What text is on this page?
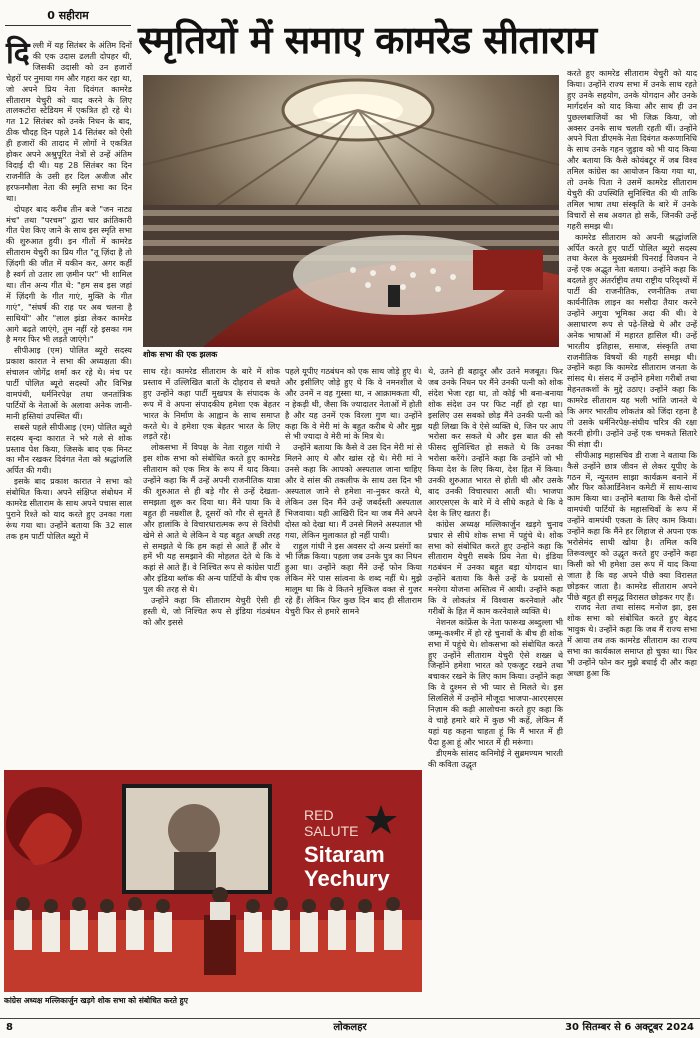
0 सहीराम
स्मृतियों में समाए कामरेड सीताराम

दिल्ली में यह सितंबर के अंतिम दिनों की एक उदास ढलती दोपहर थी, जिसकी उदासी को उन हजारों चेहरों पर नुमाया गम और गहरा कर रहा था, जो अपने प्रिय नेता दिवंगत कामरेड सीताराम येचुरी को याद करने के लिए तालकटोरा स्टेडियम में एकत्रित हो रहे थे। गत 12 सितंबर को उनके निधन के बाद, ठीक चौदह दिन पहले 14 सितंबर को ऐसी ही हजारों की तादाद में लोगों ने एकत्रित होकर अपने अश्रुपूरित नेत्रों से उन्हें अंतिम विदाई दी थी। यह 28 सितंबर का दिन राजनीति के उसी हर दिल अजीज और हरफनमौला नेता की स्मृति सभा का दिन था।

दोपहर बाद करीब तीन बजे "जन नाट्य मंच" तथा "परचम" द्वारा चार क्रांतिकारी गीत पेश किए जाने के साथ इस स्मृति सभा की शुरुआत हुयी। इन गीतों में कामरेड सीताराम येचुरी का प्रिय गीत "तू ज़िंदा है तो ज़िंदगी की जीत में यकीन कर, अगर कहीं है स्वर्ग तो उतार ला ज़मीन पर" भी शामिल था। तीन अन्य गीत थे: "हम सब इस जहां में ज़िंदगी के गीत गाएं, मुक्ति के गीत गाएं", "संघर्ष की राह पर अब चलना है साथियों" और "लाल झंडा लेकर कामरेड आगे बढ़ते जाएंगे, तुम नहीं रहे इसका गम है मगर फिर भी लड़ते जाएंगे।"

सीपीआइ (एम) पोलित ब्यूरो सदस्य प्रकाश कारात ने सभा की अध्यक्षता की। संचालन जोगेंद्र शर्मा कर रहे थे। मंच पर पार्टी पोलित ब्यूरो सदस्यों और विभिन्न वामपंथी, धर्मनिरपेक्ष तथा जनतांत्रिक पार्टियों के नेताओं के अलावा अनेक जानी-मानी हस्तियां उपस्थित थीं।

सबसे पहले सीपीआइ (एम) पोलित ब्यूरो सदस्य बृन्दा कारात ने भरे गले से शोक प्रस्ताव पेश किया, जिसके बाद एक मिनट का मौन रखकर दिवंगत नेता को श्रद्धांजलि अर्पित की गयी।

इसके बाद प्रकाश कारात ने सभा को संबोधित किया। अपने संक्षिप्त संबोधन में कामरेड सीताराम के साथ अपने पचास साल पुराने रिश्ते को याद करते हुए उनका गला रूंध गया था। उन्होंने बताया कि 32 साल तक हम पार्टी पोलित ब्यूरो में

शोक सभा की एक झलक

साथ रहे। कामरेड सीताराम के बारे में शोक प्रस्ताव में उल्लिखित बातों के दोहराव से बचते हुए उन्होंने कहा पार्टी मुखपत्र के संपादक के रूप में वे अपना संपादकीय हमेशा एक बेहतर भारत के निर्माण के आह्वान के साथ समाप्त करते थे। वे हमेशा एक बेहतर भारत के लिए लड़ते रहे।

लोकसभा में विपक्ष के नेता राहुल गांधी ने इस शोक सभा को संबोधित करते हुए कामरेड सीताराम को एक मित्र के रूप में याद किया। उन्होंने कहा कि मैं उन्हें अपनी राजनीतिक यात्रा की शुरुआत से ही बड़े गौर से उन्हें देखता-समझता शुरू कर दिया था। मैंने पाया कि वे बहुत ही नम्रशील है, दूसरों को गौर से सुनते हैं और हालांकि वे विचारधारात्मक रूप से विरोधी खेमे से आते थे लेकिन वे यह बहुत अच्छी तरह से समझते थे कि हम कहां से आते हैं और वे हमें भी यह समझाने की मोहलत देते थे कि वे कहां से आते हैं। वे निश्चित रूप से कांग्रेस पार्टी और इंडिया ब्लॉक की अन्य पार्टियों के बीच एक पुल की तरह से थे।

उन्होंने कहा कि सीताराम येचुरी ऐसी ही हस्ती थे, जो निश्चित रूप से इंडिया गंठबंधन को और इससे

पहले यूपीए गठबंधन को एक साथ जोड़े हुए थे। और इसीलिए जोड़े हुए थे कि वे नमनशील थे और उनमें न वह गुस्सा था, न आक्रामकता थी, न हेकड़ी थी, जैसा कि ज्यादातर नेताओं में होती है और यह उनमें एक विरला गुण था। उन्होंने कहा कि वे मेरी मां के बहुत करीब थे और मुझ से भी ज्यादा वे मेरी मां के मित्र थे।

उन्होंने बताया कि कैसे वे उस दिन मेरी मां से मिलने आए थे और खांस रहे थे। मेरी मां ने उनसे कहा कि आपको अस्पताल जाना चाहिए और वे सांस की तकलीफ के साथ उस दिन भी अस्पताल जाने से हमेशा ना-नुकर करते थे, लेकिन उस दिन मैंने उन्हें जबर्दस्ती अस्पताल भिजवाया। यही आखिरी दिन था जब मैंने अपने दोस्त को देखा था। मैं उनसे मिलने अस्पताल भी गया, लेकिन मुलाकात हो नहीं पायी।

राहुल गांधी ने इस अवसर दो अन्य प्रसंगों का भी जिक्र किया। पहला जब उनके पुत्र का निधन हुआ था। उन्होंने कहा मैंने उन्हें फोन किया लेकिन मेरे पास सांत्वना के शब्द नहीं थे। मुझे मालूम था कि वे कितने मुश्किल वक्त से गुजर रहे हैं। लेकिन फिर कुछ दिन बाद ही सीताराम येचुरी फिर से हमारे सामने

थे, उतने ही बहादुर और उतने मजबूत। फिर जब उनके निधन पर मैंने उनकी पत्नी को शोक संदेश भेजा रहा था, तो कोई भी बना-बनाया शोक संदेश उन पर फिट नहीं हो रहा था। इसलिए उस सबको छोड़ मैंने उनकी पत्नी को यही लिखा कि वे ऐसे व्यक्ति थे, जिन पर आप भरोसा कर सकते थे और इस बात की सौ फीसद सुनिश्चित हो सकते थे कि उनका भरोसा करेंगे। उन्होंने कहा कि उन्होंने जो भी किया देश के लिए किया, देश हित में किया। उनकी शुरुआत भारत से होती थी और उसके बाद उनकी विचारधारा आती थी। भाजपा आरएसएस के बारे में वे सीधे कहते थे कि वे देश के लिए खतरा हैं।

कांग्रेस अध्यक्ष मल्लिकार्जुन खड़गे चुनाव प्रचार से सीधे शोक सभा में पहुंचे थे। शोक सभा को संबोधित करते हुए उन्होंने कहा कि सीताराम येचुरी सबके प्रिय नेता थे। इंडिया गठबंधन में उनका बहुत बड़ा योगदान था। उन्होंने बताया कि कैसे उन्हें के प्रयासों से मनरेगा योजना अस्तित्व में आयी। उन्होंने कहा कि वे लोकतंत्र में विश्वास करनेवाले और गरीबों के हित में काम करनेवाले व्यक्ति थे।

नेशनल कांफ्रेंस के नेता फारूख अब्दुल्ला भी जम्मू-कश्मीर में हो रहे चुनावों के बीच ही शोक सभा में पहुंचे थे। शोकसभा को संबोधित करते हुए उन्होंने सीताराम येचुरी ऐसे शख्स थे जिन्होंने हमेशा भारत को एकजुट रखने तथा बचाकर रखने के लिए काम किया। उन्होंने कहा कि वे दुश्मन से भी प्यार से मिलते थे। इस सिलसिले में उन्होंने मौजूदा भाजपा-आरएसएस निज़ाम की कड़ी आलोचना करते हुए कहा कि वे चाहे हमारे बारे में कुछ भी कहें, लेकिन मैं यहां यह कहना चाहता हूं कि मैं भारत में ही पैदा हुआ हूं और भारत में ही मरूंगा।

डीएमके सांसद कनिमोई ने सुब्रमण्यम भारती की कविता उद्धृत

करते हुए कामरेड सीताराम येचुरी को याद किया। उन्होंने राज्य सभा में उनके साथ रहते हुए उनके सहयोग, उनके योगदान और उनके मार्गदर्शन को याद किया और साथ ही उन पुछल्लबाजियों का भी जिक्र किया, जो अक्सर उनके साथ चलती रहती थीं। उन्होंने अपने पिता डीएमके नेता दिवंगत करूणानिधि के साथ उनके गहन जुड़ाव को भी याद किया और बताया कि कैसे कोयंबटूर में जब विश्व तमिल कांग्रेस का आयोजन किया गया था, तो उनके पिता ने उसमें कामरेड सीताराम येचुरी की उपस्थिति सुनिश्चित की थी ताकि तमिल भाषा तथा संस्कृति के बारे में उनके विचारों से सब अवगत हो सकें, जिनकी उन्हें गहरी समझ थी।

कामरेड सीताराम को अपनी श्रद्धांजलि अर्पित करते हुए पार्टी पोलित ब्यूरो सदस्य तथा केरल के मुख्यमंत्री पिनराई विजयन ने उन्हें एक अद्भुत नेता बताया। उन्होंने कहा कि बदलते हुए अंतर्राष्ट्रीय तथा राष्ट्रीय परिदृश्यों में पार्टी की राजनीतिक, रणनीतिक तथा कार्यनीतिक लाइन का मसौदा तैयार करने उन्होंने अगुवा भूमिका अदा की थी। वे असाधारण रूप से पढ़े-लिखे थे और उन्हें अनेक भाषाओं में महारत हासिल थी। उन्हें भारतीय इतिहास, समाज, संस्कृति तथा राजनीतिक विषयों की गहरी समझ थी। उन्होंने कहा कि कामरेड सीताराम जनता के सांसद थे। संसद में उन्होंने हमेशा गरीबों तथा मेहनतकशों के मुद्दे उठाए। उन्होंने कहा कि कामरेड सीताराम यह भली भांति जानते थे कि अगर भारतीय लोकतंत्र को जिंदा रहना है तो उसके धर्मनिरपेक्ष-संघीय चरित्र की रक्षा करनी होगी। उन्होंने उन्हें एक चमकते सितारे की संज्ञा दी।

सीपीआइ महासचिव डी राजा ने बताया कि कैसे उन्होंने छात्र जीवन से लेकर यूपीए के गठन में, न्यूनतम साझा कार्यक्रम बनाने में और फिर कोआर्डिनेशन कमेटी में साथ-साथ काम किया था। उन्होंने बताया कि कैसे दोनों वामपंथी पार्टियों के महासचिवों के रूप में उन्होंने वामपंथी एकता के लिए काम किया। उन्होंने कहा कि मैंने हर लिहाज से अपना एक भरोसेमंद साथी खोया है। तमिल कवि तिरूवल्लुर को उद्धृत करते हुए उन्होंने कहा किसी को भी हमेशा उस रूप में याद किया जाता है कि वह अपने पीछे क्या विरासत छोड़कर जाता है। कामरेड सीताराम अपने पीछे बहुत ही समृद्ध विरासत छोड़कर गए हैं।

राजद नेता तथा सांसद मनोज झा, इस शोक सभा को संबोधित करते हुए बेहद भावुक थे। उन्होंने कहा कि जब मैं राज्य सभा में आया तब तक कामरेड सीताराम का राज्य सभा का कार्यकाल समाप्त हो चुका था। फिर भी उन्होंने फोन कर मुझे बधाई दी और कहा अच्छा हुआ कि

RED
SALUTE
Sitaram
Yechury
कांग्रेस अध्यक्ष मल्लिकार्जुन खड़गे शोक सभा को संबोधित करते हुए
8	लोकलहर	30 सितम्बर से 6 अक्टूबर 2024
